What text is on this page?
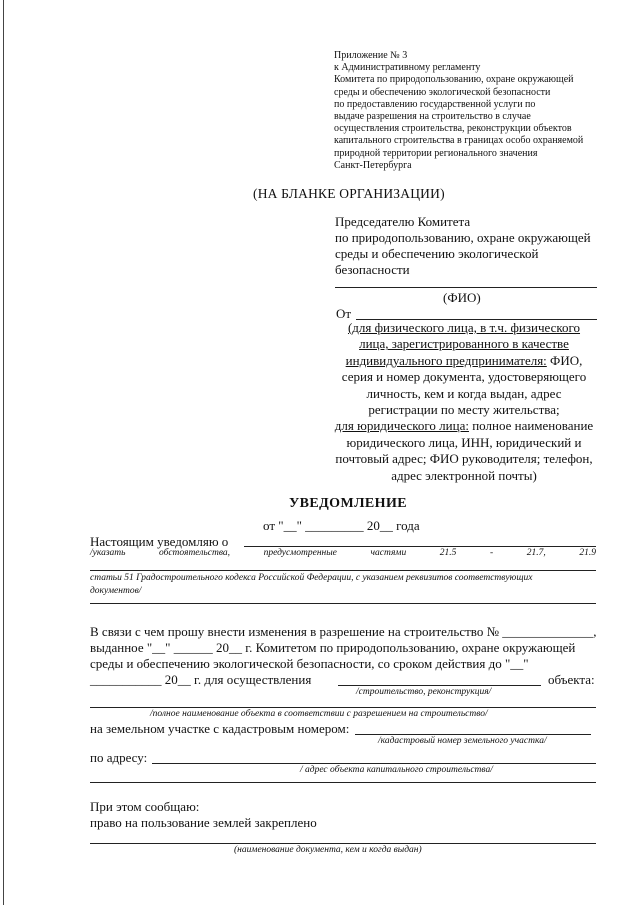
Приложение № 3
к Административному регламенту
Комитета по природопользованию, охране окружающей
среды и обеспечению экологической безопасности
по предоставлению государственной услуги по
выдаче разрешения на строительство в случае
осуществления строительства, реконструкции объектов
капитального строительства в границах особо охраняемой
природной территории регионального значения
Санкт-Петербурга
(НА БЛАНКЕ ОРГАНИЗАЦИИ)
Председателю Комитета
по природопользованию, охране окружающей
среды и обеспечению экологической
безопасности
(ФИО)
От
(для физического лица, в т.ч. физического
лица, зарегистрированного в качестве
индивидуального предпринимателя: ФИО,
серия и номер документа, удостоверяющего
личность, кем и когда выдан, адрес
регистрации по месту жительства;
для юридического лица: полное наименование
юридического лица, ИНН, юридический и
почтовый адрес; ФИО руководителя; телефон,
адрес электронной почты)
УВЕДОМЛЕНИЕ
от "__" _________ 20__ года
Настоящим уведомляю о
/указать	обстоятельства,	предусмотренные	частями	21.5	-	21.7,	21.9
статьи 51 Градостроительного кодекса Российской Федерации, с указанием реквизитов соответствующих
документов/
В связи с чем прошу внести изменения в разрешение на строительство № ______________,
выданное "__" ______ 20__ г. Комитетом по природопользованию, охране окружающей
среды и обеспечению экологической безопасности, со сроком действия до "__"
___________ 20__ г. для осуществления	объекта:
/строительство, реконструкция/
/полное наименование объекта в соответствии с разрешением на строительство/
на земельном участке с кадастровым номером:
/кадастровый номер земельного участка/
по адресу:
/ адрес объекта капитального строительства/
При этом сообщаю:
право на пользование землей закреплено
(наименование документа, кем и когда выдан)
